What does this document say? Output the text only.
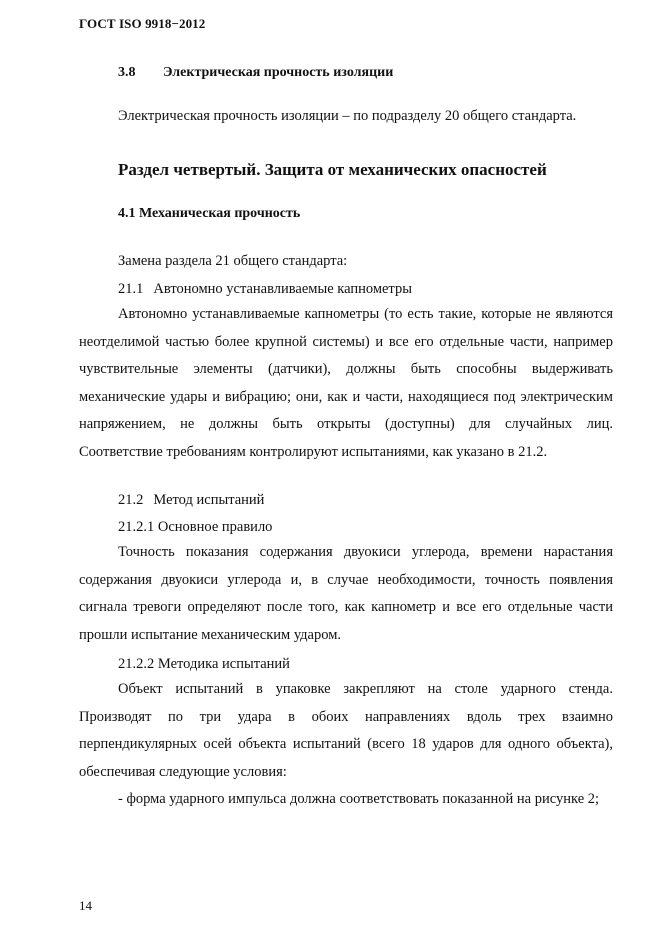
ГОСТ ISO 9918−2012
3.8 Электрическая прочность изоляции
Электрическая прочность изоляции – по подразделу 20 общего стандарта.
Раздел четвертый. Защита от механических опасностей
4.1 Механическая прочность
Замена раздела 21 общего стандарта:
21.1 Автономно устанавливаемые капнометры

Автономно устанавливаемые капнометры (то есть такие, которые не являются неотделимой частью более крупной системы) и все его отдельные части, например чувствительные элементы (датчики), должны быть способны выдерживать механические удары и вибрацию; они, как и части, находящиеся под электрическим напряжением, не должны быть открыты (доступны) для случайных лиц. Соответствие требованиям контролируют испытаниями, как указано в 21.2.

21.2 Метод испытаний
21.2.1 Основное правило

Точность показания содержания двуокиси углерода, времени нарастания содержания двуокиси углерода и, в случае необходимости, точность появления сигнала тревоги определяют после того, как капнометр и все его отдельные части прошли испытание механическим ударом.

21.2.2 Методика испытаний

Объект испытаний в упаковке закрепляют на столе ударного стенда. Производят по три удара в обоих направлениях вдоль трех взаимно перпендикулярных осей объекта испытаний (всего 18 ударов для одного объекта), обеспечивая следующие условия:

- форма ударного импульса должна соответствовать показанной на рисунке 2;

14
